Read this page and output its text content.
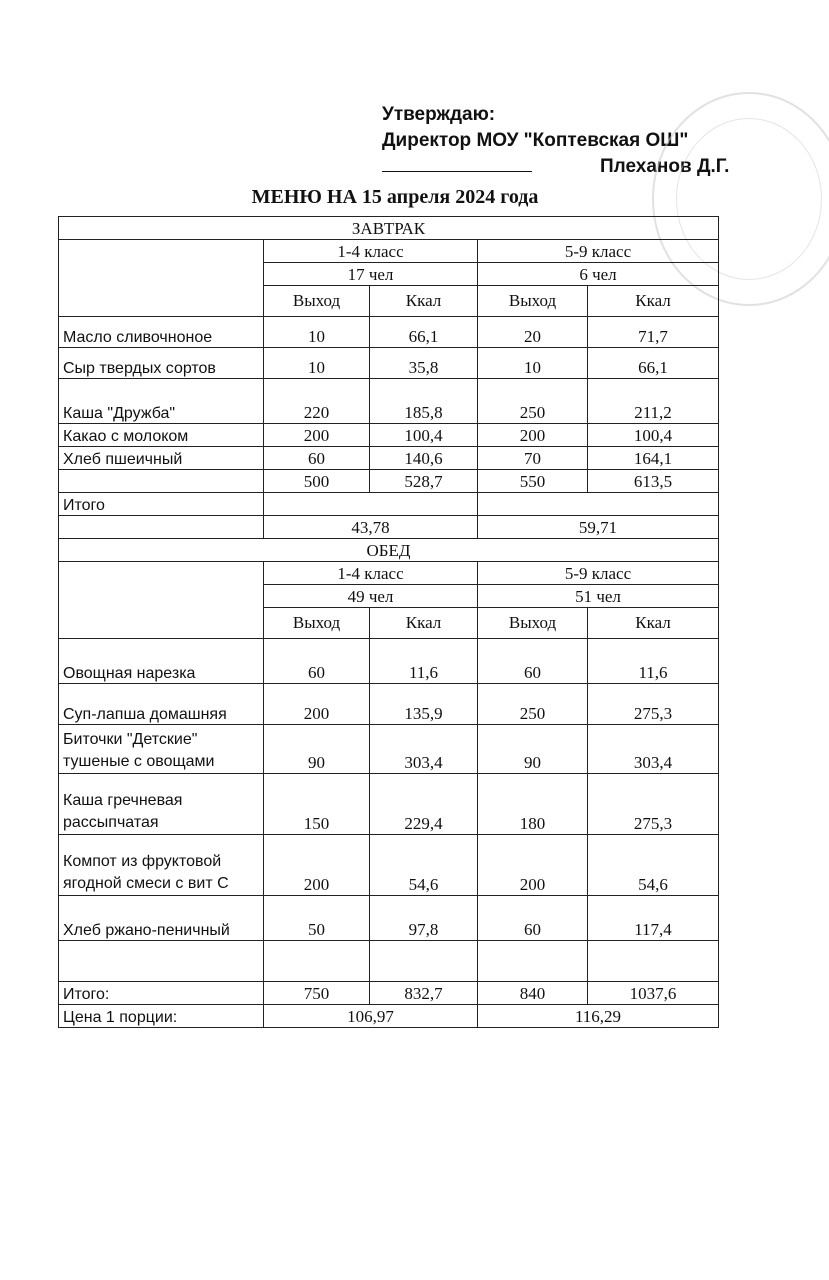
Утверждаю:
Директор МОУ "Коптевская ОШ"
Плеханов Д.Г.
МЕНЮ НА 15 апреля 2024 года
ЗАВТРАК				
	1-4 класс		5-9 класс	
	17 чел		6 чел	
	Выход	Ккал	Выход	Ккал
Масло сливочноное	10	66,1	20	71,7
Сыр твердых сортов	10	35,8	10	66,1
Каша "Дружба"	220	185,8	250	211,2
Какао с молоком	200	100,4	200	100,4
Хлеб пшеичный	60	140,6	70	164,1
	500	528,7	550	613,5
Итого				
	43,78		59,71	
ОБЕД				
	1-4 класс		5-9 класс	
	49 чел		51 чел	
	Выход	Ккал	Выход	Ккал
Овощная нарезка	60	11,6	60	11,6
Суп-лапша домашняя	200	135,9	250	275,3
Биточки "Детские" тушеные с овощами	90	303,4	90	303,4
Каша гречневая рассыпчатая	150	229,4	180	275,3
Компот из фруктовой ягодной смеси с вит С	200	54,6	200	54,6
Хлеб ржано-пеничный	50	97,8	60	117,4

Итого:	750	832,7	840	1037,6
Цена 1 порции:	106,97		116,29	
